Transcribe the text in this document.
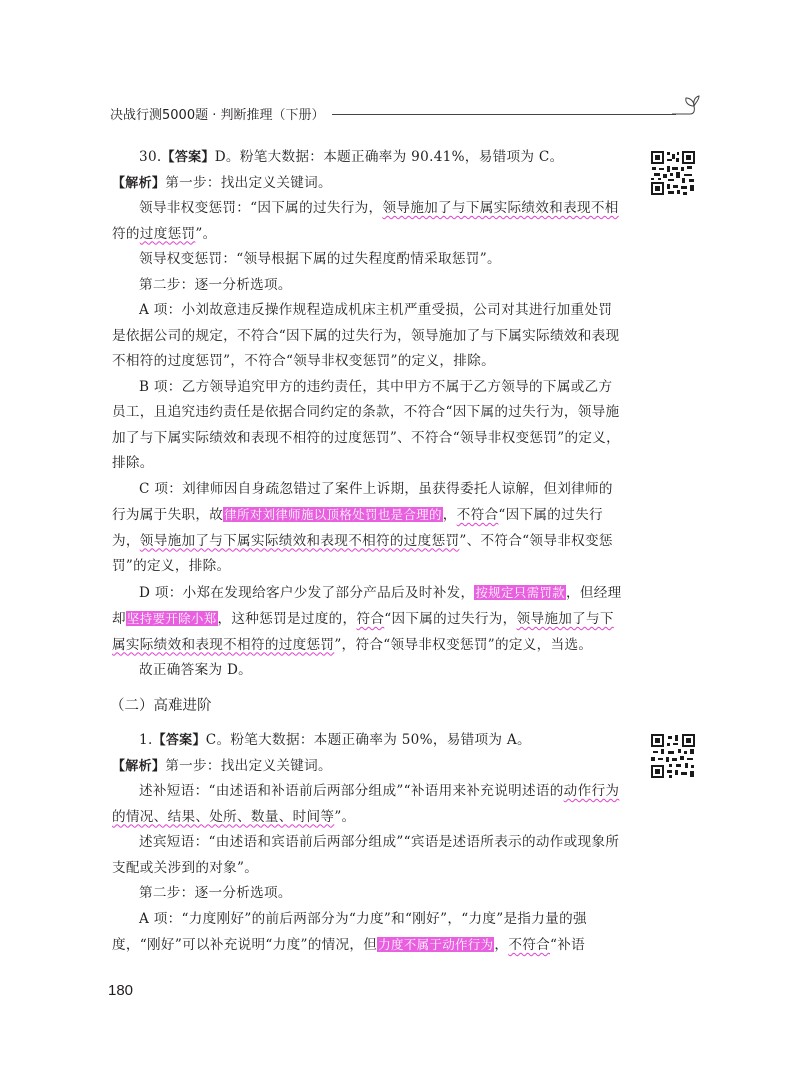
决战行测5000题 · 判断推理（下册）

30.【答案】D。粉笔大数据：本题正确率为 90.41%，易错项为 C。

【解析】第一步：找出定义关键词。

领导非权变惩罚：“因下属的过失行为，领导施加了与下属实际绩效和表现不相
符的过度惩罚”。

领导权变惩罚：“领导根据下属的过失程度酌情采取惩罚”。

第二步：逐一分析选项。

A 项：小刘故意违反操作规程造成机床主机严重受损，公司对其进行加重处罚是依据公司的规定，不符合“因下属的过失行为，领导施加了与下属实际绩效和表现不相符的过度惩罚”，不符合“领导非权变惩罚”的定义，排除。

B 项：乙方领导追究甲方的违约责任，其中甲方不属于乙方领导的下属或乙方员工，且追究违约责任是依据合同约定的条款，不符合“因下属的过失行为，领导施加了与下属实际绩效和表现不相符的过度惩罚”、不符合“领导非权变惩罚”的定义，排除。

C 项：刘律师因自身疏忽错过了案件上诉期，虽获得委托人谅解，但刘律师的行为属于失职，故律所对刘律师施以顶格处罚也是合理的，不符合“因下属的过失行为，领导施加了与下属实际绩效和表现不相符的过度惩罚”、不符合“领导非权变惩罚”的定义，排除。

D 项：小郑在发现给客户少发了部分产品后及时补发，按规定只需罚款，但经理却坚持要开除小郑，这种惩罚是过度的，符合“因下属的过失行为，领导施加了与下属实际绩效和表现不相符的过度惩罚”，符合“领导非权变惩罚”的定义，当选。

故正确答案为 D。

（二）高难进阶

1.【答案】C。粉笔大数据：本题正确率为 50%，易错项为 A。

【解析】第一步：找出定义关键词。

述补短语：“由述语和补语前后两部分组成”“补语用来补充说明述语的动作行为的情况、结果、处所、数量、时间等”。

述宾短语：“由述语和宾语前后两部分组成”“宾语是述语所表示的动作或现象所支配或关涉到的对象”。

第二步：逐一分析选项。

A 项：“力度刚好”的前后两部分为“力度”和“刚好”，“力度”是指力量的强度，“刚好”可以补充说明“力度”的情况，但力度不属于动作行为，不符合“补语

180
